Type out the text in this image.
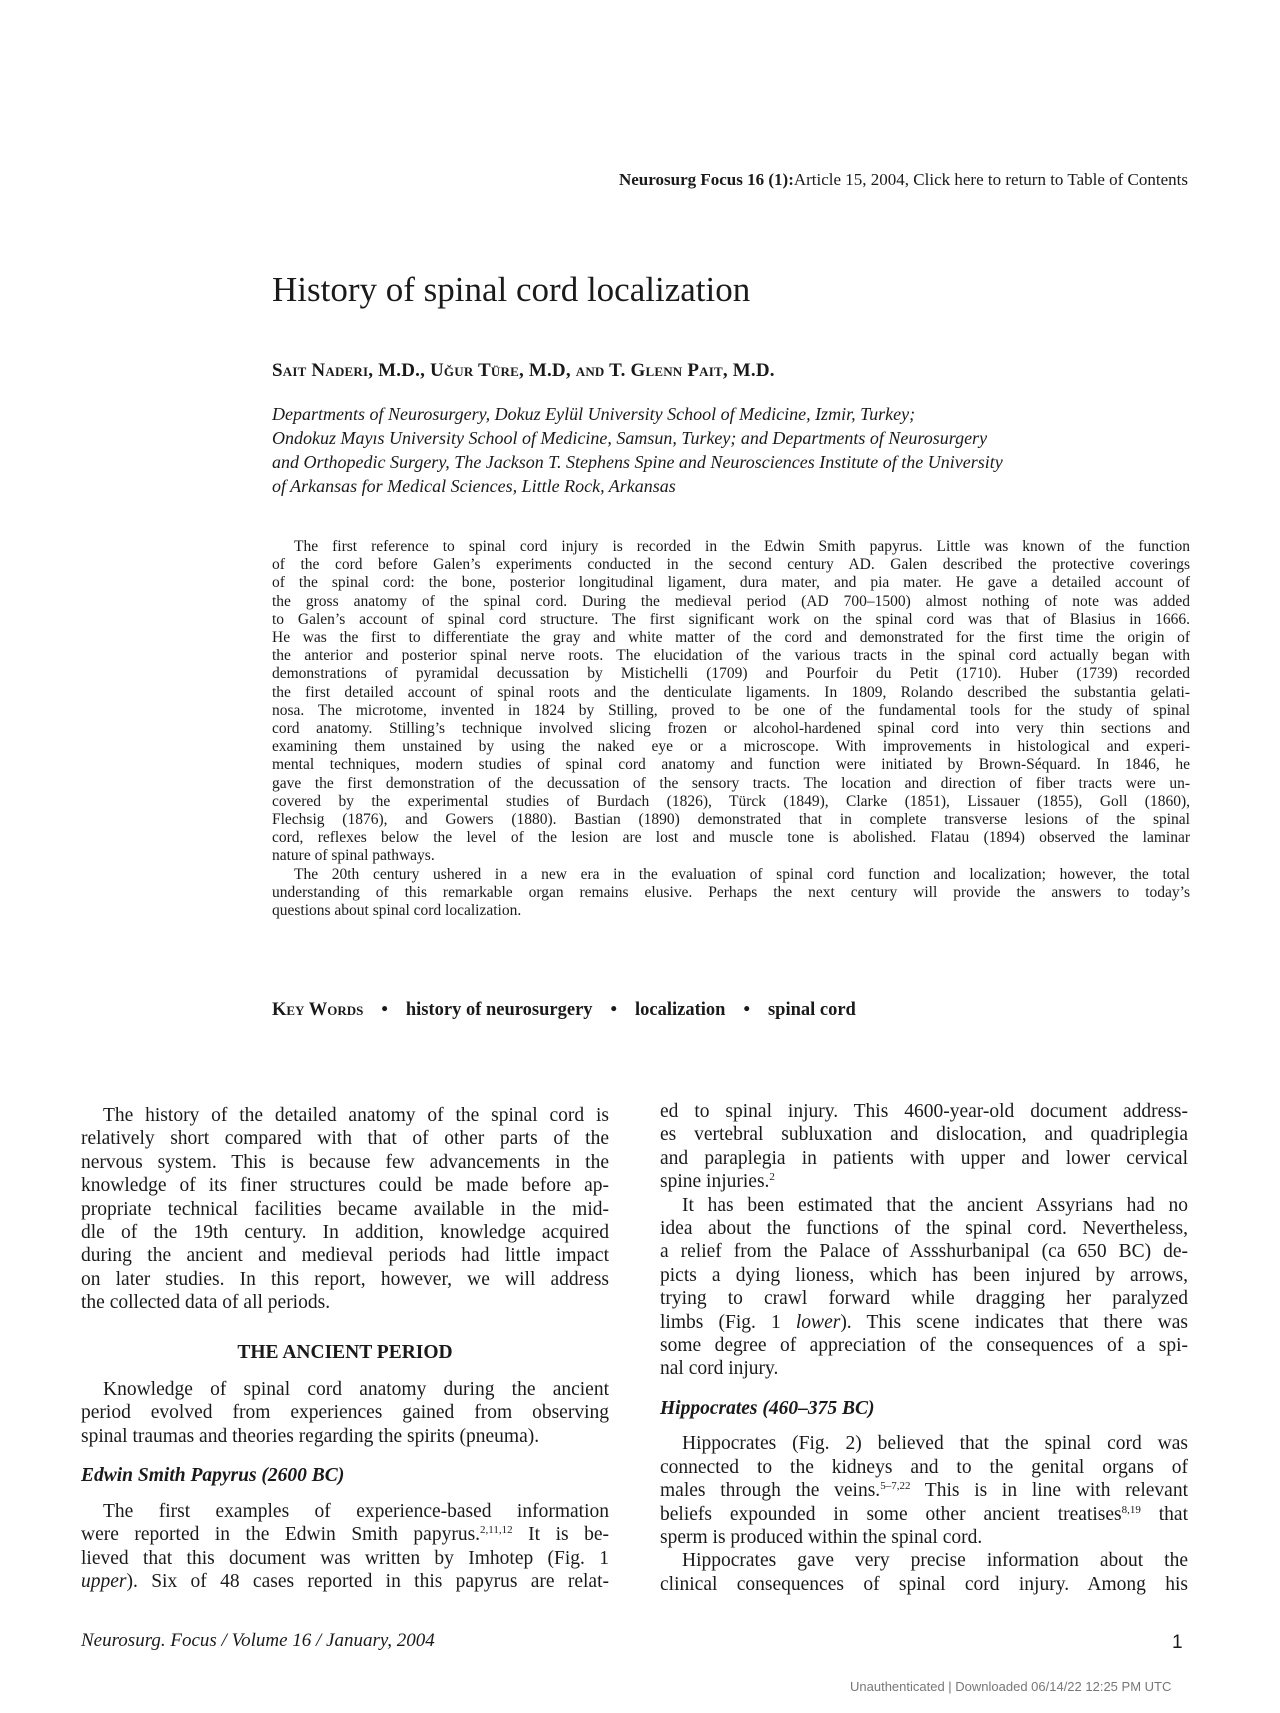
Neurosurg Focus 16 (1):Article 15, 2004, Click here to return to Table of Contents
History of spinal cord localization
Sait Naderi, M.D., Uğur Türe, M.D, and T. Glenn Pait, M.D.
Departments of Neurosurgery, Dokuz Eylül University School of Medicine, Izmir, Turkey;
Ondokuz Mayıs University School of Medicine, Samsun, Turkey; and Departments of Neurosurgery
and Orthopedic Surgery, The Jackson T. Stephens Spine and Neurosciences Institute of the University
of Arkansas for Medical Sciences, Little Rock, Arkansas
The first reference to spinal cord injury is recorded in the Edwin Smith papyrus. Little was known of the function
of the cord before Galen’s experiments conducted in the second century AD. Galen described the protective coverings
of the spinal cord: the bone, posterior longitudinal ligament, dura mater, and pia mater. He gave a detailed account of
the gross anatomy of the spinal cord. During the medieval period (AD 700–1500) almost nothing of note was added
to Galen’s account of spinal cord structure. The first significant work on the spinal cord was that of Blasius in 1666.
He was the first to differentiate the gray and white matter of the cord and demonstrated for the first time the origin of
the anterior and posterior spinal nerve roots. The elucidation of the various tracts in the spinal cord actually began with
demonstrations of pyramidal decussation by Mistichelli (1709) and Pourfoir du Petit (1710). Huber (1739) recorded
the first detailed account of spinal roots and the denticulate ligaments. In 1809, Rolando described the substantia gelati-
nosa. The microtome, invented in 1824 by Stilling, proved to be one of the fundamental tools for the study of spinal
cord anatomy. Stilling’s technique involved slicing frozen or alcohol-hardened spinal cord into very thin sections and
examining them unstained by using the naked eye or a microscope. With improvements in histological and experi-
mental techniques, modern studies of spinal cord anatomy and function were initiated by Brown-Séquard. In 1846, he
gave the first demonstration of the decussation of the sensory tracts. The location and direction of fiber tracts were un-
covered by the experimental studies of Burdach (1826), Türck (1849), Clarke (1851), Lissauer (1855), Goll (1860),
Flechsig (1876), and Gowers (1880). Bastian (1890) demonstrated that in complete transverse lesions of the spinal
cord, reflexes below the level of the lesion are lost and muscle tone is abolished. Flatau (1894) observed the laminar
nature of spinal pathways.
The 20th century ushered in a new era in the evaluation of spinal cord function and localization; however, the total
understanding of this remarkable organ remains elusive. Perhaps the next century will provide the answers to today’s
questions about spinal cord localization.
Key Words • history of neurosurgery • localization • spinal cord
The history of the detailed anatomy of the spinal cord is
relatively short compared with that of other parts of the
nervous system. This is because few advancements in the
knowledge of its finer structures could be made before ap-
propriate technical facilities became available in the mid-
dle of the 19th century. In addition, knowledge acquired
during the ancient and medieval periods had little impact
on later studies. In this report, however, we will address
the collected data of all periods.
THE ANCIENT PERIOD
Knowledge of spinal cord anatomy during the ancient
period evolved from experiences gained from observing
spinal traumas and theories regarding the spirits (pneuma).
Edwin Smith Papyrus (2600 BC)
The first examples of experience-based information
were reported in the Edwin Smith papyrus.$^{2,11,12}$ It is be-
lieved that this document was written by Imhotep (Fig. 1
upper). Six of 48 cases reported in this papyrus are relat-
ed to spinal injury. This 4600-year-old document address-
es vertebral subluxation and dislocation, and quadriplegia
and paraplegia in patients with upper and lower cervical
spine injuries.$^2$
It has been estimated that the ancient Assyrians had no
idea about the functions of the spinal cord. Nevertheless,
a relief from the Palace of Assshurbanipal (ca 650 BC) de-
picts a dying lioness, which has been injured by arrows,
trying to crawl forward while dragging her paralyzed
limbs (Fig. 1 lower). This scene indicates that there was
some degree of appreciation of the consequences of a spi-
nal cord injury.
Hippocrates (460–375 BC)
Hippocrates (Fig. 2) believed that the spinal cord was
connected to the kidneys and to the genital organs of
males through the veins.$^{5-7,22}$ This is in line with relevant
beliefs expounded in some other ancient treatises$^{8,19}$ that
sperm is produced within the spinal cord.
Hippocrates gave very precise information about the
clinical consequences of spinal cord injury. Among his
Neurosurg. Focus / Volume 16 / January, 2004	1
Unauthenticated | Downloaded 06/14/22 12:25 PM UTC
